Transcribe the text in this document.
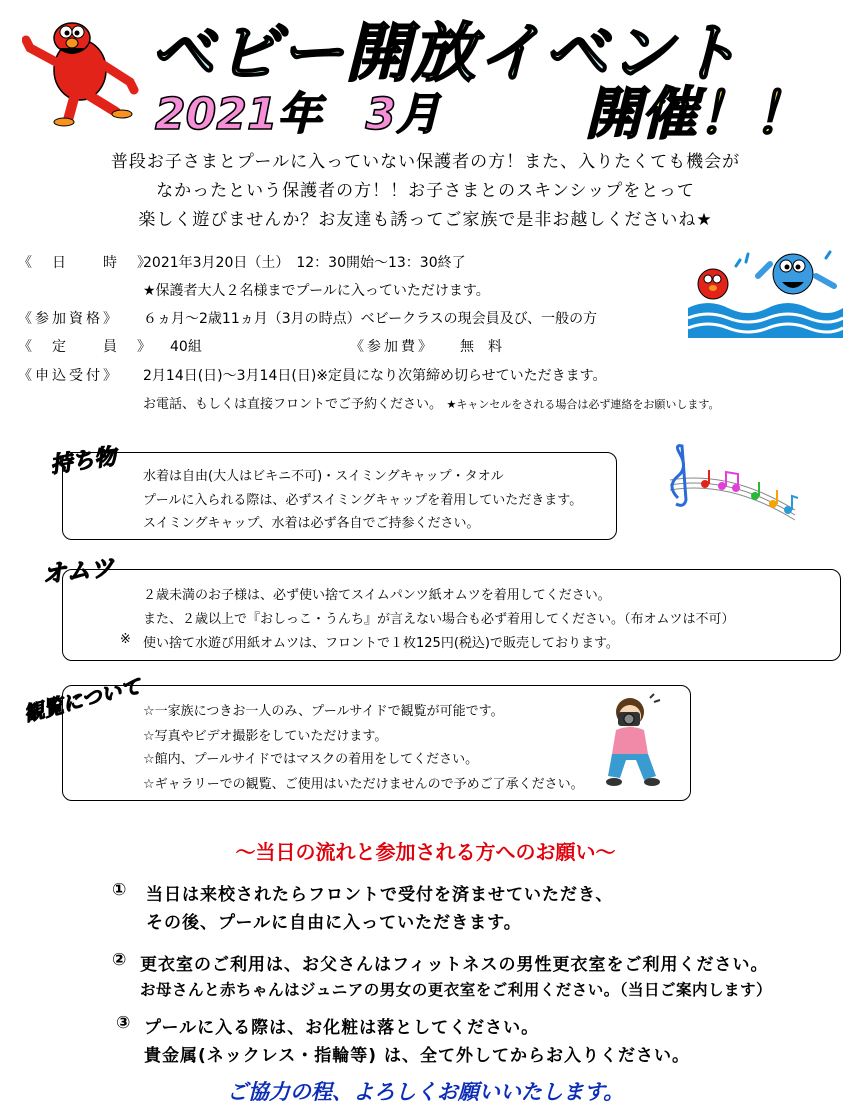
ベビー開放イベント
2021年　3月	開催！！
普段お子さまとプールに入っていない保護者の方！また、入りたくても機会が
なかったという保護者の方！！お子さまとのスキンシップをとって
楽しく遊びませんか？お友達も誘ってご家族で是非お越しくださいね★
《　日　　時　》
2021年3月20日（土）　12：30開始～13：30終了
★保護者大人２名様までプールに入っていただけます。
《参加資格》 ６ヵ月～2歳11ヵ月（3月の時点）ベビークラスの現会員及び、一般の方
《　定　　員　》 40組	《参加費》 無　料
《申込受付》 2月14日(日)～3月14日(日)※定員になり次第締め切らせていただきます。
お電話、もしくは直接フロントでご予約ください。 ★キャンセルをされる場合は必ず連絡をお願いします。
持ち物 水着は自由(大人はビキニ不可)・スイミングキャップ・タオル
プールに入られる際は、必ずスイミングキャップを着用していただきます。
スイミングキャップ、水着は必ず各自でご持参ください。
オムツ
２歳未満のお子様は、必ず使い捨てスイムパンツ紙オムツを着用してください。
また、２歳以上で『おしっこ・うんち』が言えない場合も必ず着用してください。（布オムツは不可）
※ 使い捨て水遊び用紙オムツは、フロントで１枚125円(税込)で販売しております。
観覧について ☆一家族につきお一人のみ、プールサイドで観覧が可能です。
☆写真やビデオ撮影をしていただけます。
☆館内、プールサイドではマスクの着用をしてください。
☆ギャラリーでの観覧、ご使用はいただけませんので予めご了承ください。
～当日の流れと参加される方へのお願い～
① 当日は来校されたらフロントで受付を済ませていただき、
その後、プールに自由に入っていただきます。
② 更衣室のご利用は、お父さんはフィットネスの男性更衣室をご利用ください。
お母さんと赤ちゃんはジュニアの男女の更衣室をご利用ください。（当日ご案内します）
③ プールに入る際は、お化粧は落としてください。
貴金属(ネックレス・指輪等) は、全て外してからお入りください。
ご協力の程、よろしくお願いいたします。
